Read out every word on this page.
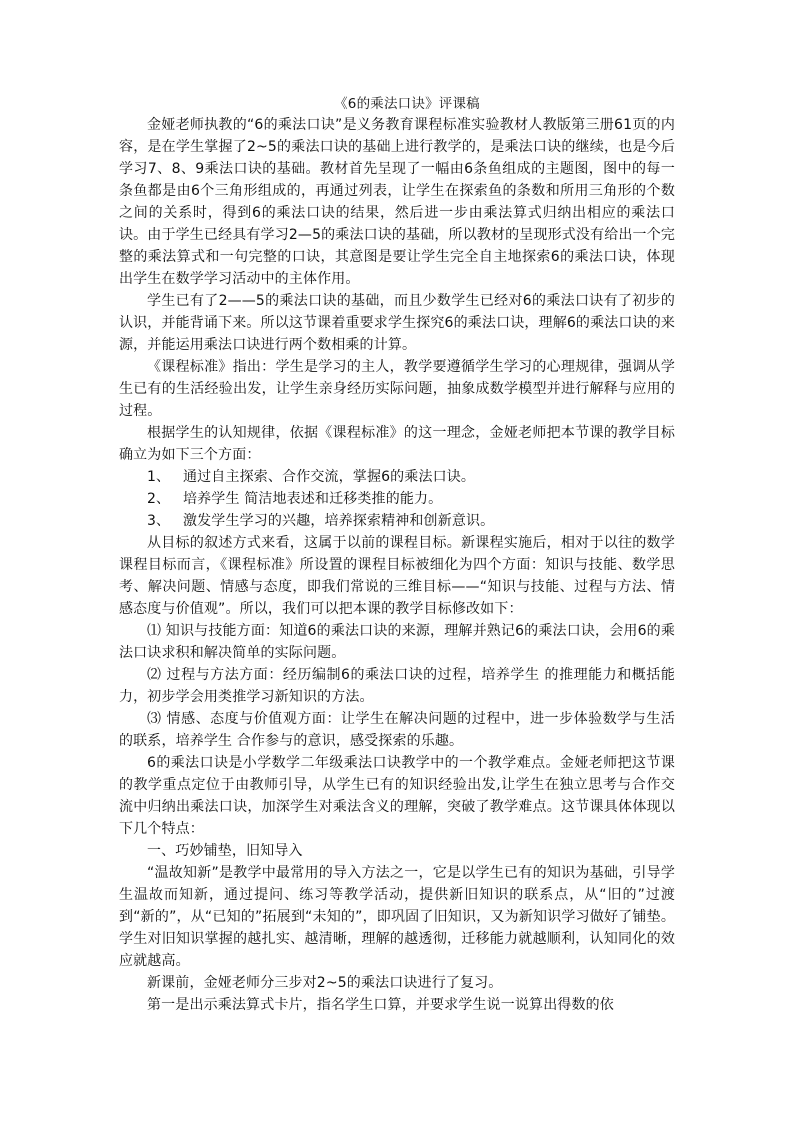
《6的乘法口诀》评课稿

金娅老师执教的“6的乘法口诀”是义务教育课程标准实验教材人教版第三册61页的内容，是在学生掌握了2~5的乘法口诀的基础上进行教学的，是乘法口诀的继续，也是今后学习7、8、9乘法口诀的基础。教材首先呈现了一幅由6条鱼组成的主题图，图中的每一条鱼都是由6个三角形组成的，再通过列表，让学生在探索鱼的条数和所用三角形的个数之间的关系时，得到6的乘法口诀的结果，然后进一步由乘法算式归纳出相应的乘法口诀。由于学生已经具有学习2—5的乘法口诀的基础，所以教材的呈现形式没有给出一个完整的乘法算式和一句完整的口诀，其意图是要让学生完全自主地探索6的乘法口诀，体现出学生在数学学习活动中的主体作用。

学生已有了2——5的乘法口诀的基础，而且少数学生已经对6的乘法口诀有了初步的认识，并能背诵下来。所以这节课着重要求学生探究6的乘法口诀，理解6的乘法口诀的来源，并能运用乘法口诀进行两个数相乘的计算。

《课程标准》指出：学生是学习的主人，教学要遵循学生学习的心理规律，强调从学生已有的生活经验出发，让学生亲身经历实际问题，抽象成数学模型并进行解释与应用的过程。

根据学生的认知规律，依据《课程标准》的这一理念，金娅老师把本节课的教学目标确立为如下三个方面：

1、 通过自主探索、合作交流，掌握6的乘法口诀。

2、 培养学生 简洁地表述和迁移类推的能力。

3、 激发学生学习的兴趣，培养探索精神和创新意识。

从目标的叙述方式来看，这属于以前的课程目标。新课程实施后，相对于以往的数学课程目标而言，《课程标准》所设置的课程目标被细化为四个方面：知识与技能、数学思考、解决问题、情感与态度，即我们常说的三维目标——“知识与技能、过程与方法、情感态度与价值观”。所以，我们可以把本课的教学目标修改如下：

⑴ 知识与技能方面：知道6的乘法口诀的来源，理解并熟记6的乘法口诀，会用6的乘法口诀求积和解决简单的实际问题。

⑵ 过程与方法方面：经历编制6的乘法口诀的过程，培养学生 的推理能力和概括能力，初步学会用类推学习新知识的方法。

⑶ 情感、态度与价值观方面：让学生在解决问题的过程中，进一步体验数学与生活的联系，培养学生 合作参与的意识，感受探索的乐趣。

6的乘法口诀是小学数学二年级乘法口诀教学中的一个教学难点。金娅老师把这节课的教学重点定位于由教师引导，从学生已有的知识经验出发,让学生在独立思考与合作交流中归纳出乘法口诀，加深学生对乘法含义的理解，突破了教学难点。这节课具体体现以下几个特点：

一、巧妙铺垫，旧知导入

“温故知新”是教学中最常用的导入方法之一，它是以学生已有的知识为基础，引导学生温故而知新，通过提问、练习等教学活动，提供新旧知识的联系点，从“旧的”过渡到“新的”，从“已知的”拓展到“未知的”，即巩固了旧知识，又为新知识学习做好了铺垫。学生对旧知识掌握的越扎实、越清晰，理解的越透彻，迁移能力就越顺利，认知同化的效应就越高。

新课前，金娅老师分三步对2~5的乘法口诀进行了复习。

第一是出示乘法算式卡片，指名学生口算，并要求学生说一说算出得数的依
